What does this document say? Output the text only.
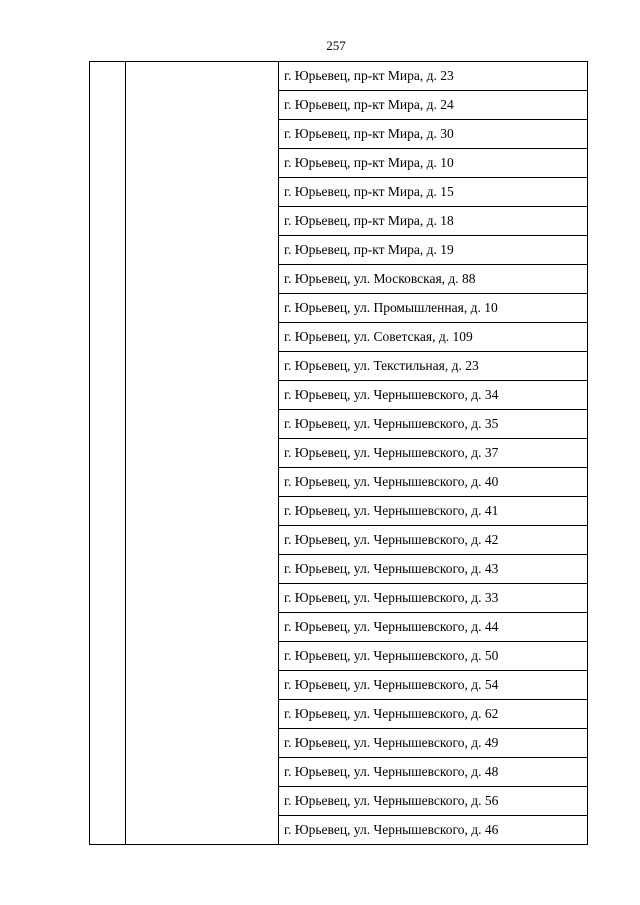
257
		г. Юрьевец, пр-кт Мира, д. 23
г. Юрьевец, пр-кт Мира, д. 24
г. Юрьевец, пр-кт Мира, д. 30
г. Юрьевец, пр-кт Мира, д. 10
г. Юрьевец, пр-кт Мира, д. 15
г. Юрьевец, пр-кт Мира, д. 18
г. Юрьевец, пр-кт Мира, д. 19
г. Юрьевец, ул. Московская, д. 88
г. Юрьевец, ул. Промышленная, д. 10
г. Юрьевец, ул. Советская, д. 109
г. Юрьевец, ул. Текстильная, д. 23
г. Юрьевец, ул. Чернышевского, д. 34
г. Юрьевец, ул. Чернышевского, д. 35
г. Юрьевец, ул. Чернышевского, д. 37
г. Юрьевец, ул. Чернышевского, д. 40
г. Юрьевец, ул. Чернышевского, д. 41
г. Юрьевец, ул. Чернышевского, д. 42
г. Юрьевец, ул. Чернышевского, д. 43
г. Юрьевец, ул. Чернышевского, д. 33
г. Юрьевец, ул. Чернышевского, д. 44
г. Юрьевец, ул. Чернышевского, д. 50
г. Юрьевец, ул. Чернышевского, д. 54
г. Юрьевец, ул. Чернышевского, д. 62
г. Юрьевец, ул. Чернышевского, д. 49
г. Юрьевец, ул. Чернышевского, д. 48
г. Юрьевец, ул. Чернышевского, д. 56
г. Юрьевец, ул. Чернышевского, д. 46
